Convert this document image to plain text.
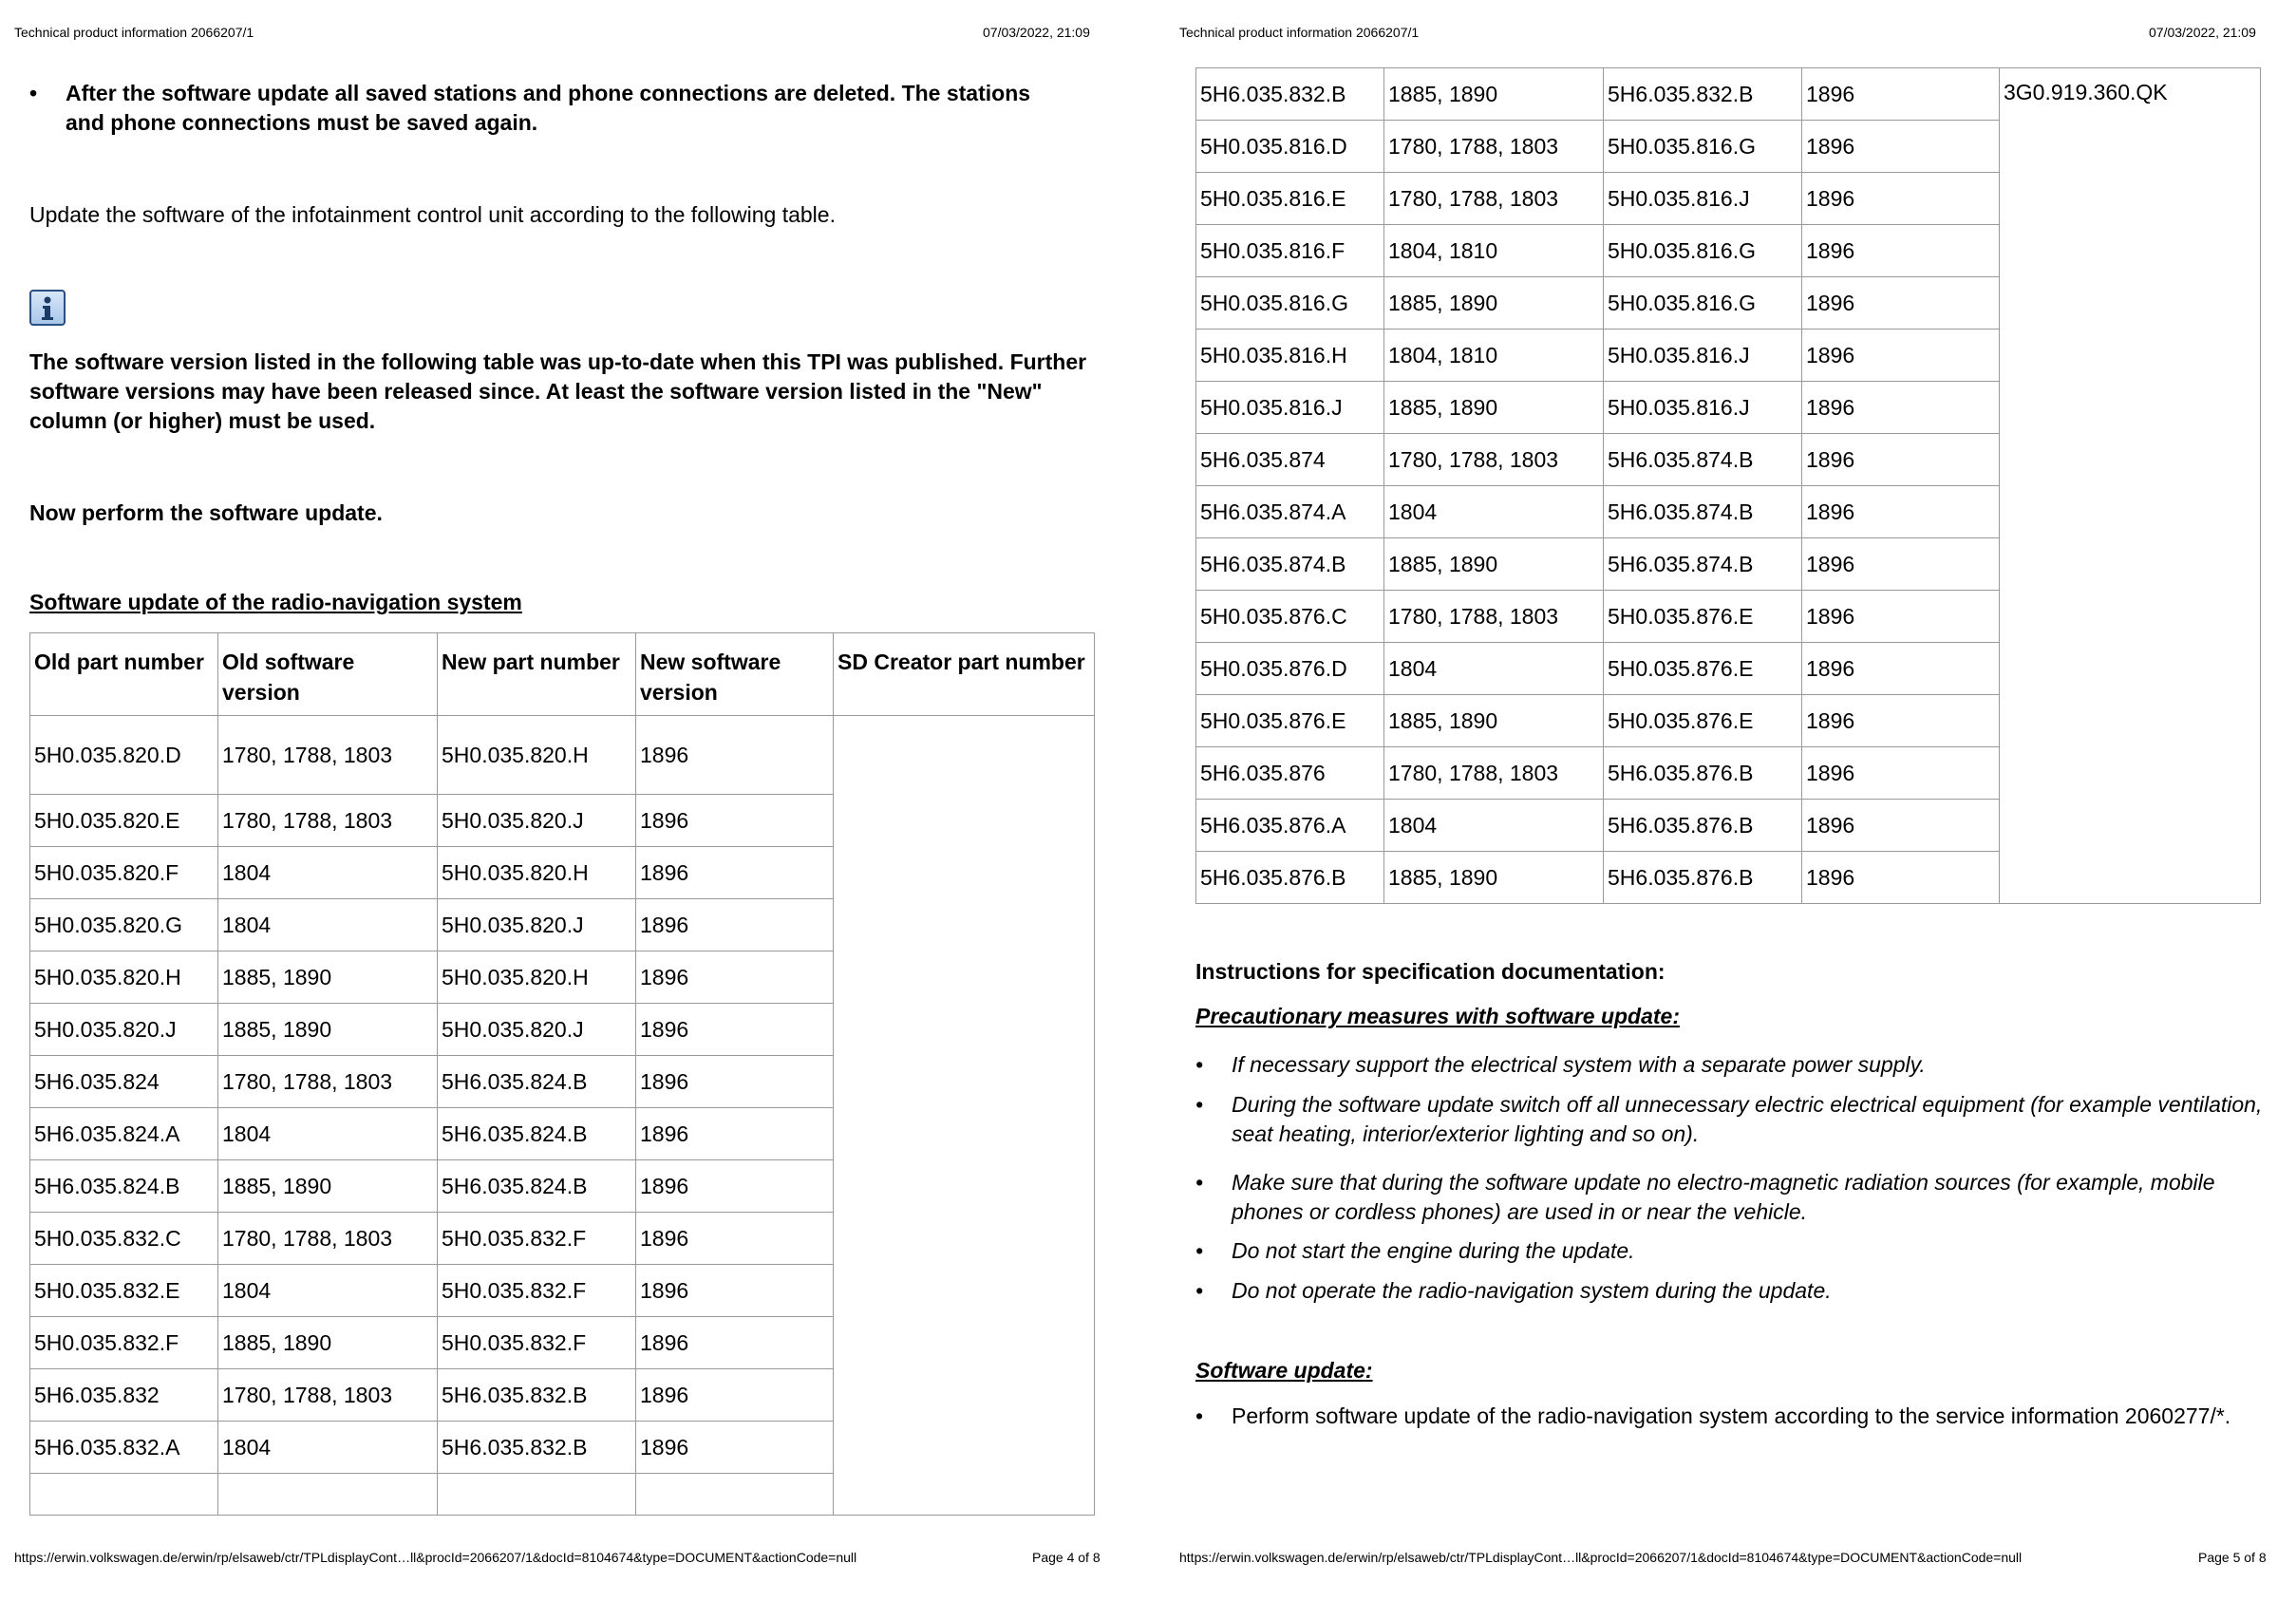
Technical product information 2066207/1	07/03/2022, 21:09
•	After the software update all saved stations and phone connections are deleted. The stations and phone connections must be saved again.
Update the software of the infotainment control unit according to the following table.
The software version listed in the following table was up-to-date when this TPI was published. Further software versions may have been released since. At least the software version listed in the "New" column (or higher) must be used.
Now perform the software update.
Software update of the radio-navigation system
Old part number	Old software version	New part number	New software version	SD Creator part number
5H0.035.820.D	1780, 1788, 1803	5H0.035.820.H	1896	
5H0.035.820.E	1780, 1788, 1803	5H0.035.820.J	1896	
5H0.035.820.F	1804	5H0.035.820.H	1896	
5H0.035.820.G	1804	5H0.035.820.J	1896	
5H0.035.820.H	1885, 1890	5H0.035.820.H	1896	
5H0.035.820.J	1885, 1890	5H0.035.820.J	1896	
5H6.035.824	1780, 1788, 1803	5H6.035.824.B	1896	
5H6.035.824.A	1804	5H6.035.824.B	1896	
5H6.035.824.B	1885, 1890	5H6.035.824.B	1896	
5H0.035.832.C	1780, 1788, 1803	5H0.035.832.F	1896	
5H0.035.832.E	1804	5H0.035.832.F	1896	
5H0.035.832.F	1885, 1890	5H0.035.832.F	1896	
5H6.035.832	1780, 1788, 1803	5H6.035.832.B	1896	
5H6.035.832.A	1804	5H6.035.832.B	1896	

https://erwin.volkswagen.de/erwin/rp/elsaweb/ctr/TPLdisplayCont…ll&procId=2066207/1&docId=8104674&type=DOCUMENT&actionCode=null	Page 4 of 8
Technical product information 2066207/1	07/03/2022, 21:09
5H6.035.832.B	1885, 1890	5H6.035.832.B	1896	3G0.919.360.QK
5H0.035.816.D	1780, 1788, 1803	5H0.035.816.G	1896	
5H0.035.816.E	1780, 1788, 1803	5H0.035.816.J	1896	
5H0.035.816.F	1804, 1810	5H0.035.816.G	1896	
5H0.035.816.G	1885, 1890	5H0.035.816.G	1896	
5H0.035.816.H	1804, 1810	5H0.035.816.J	1896	
5H0.035.816.J	1885, 1890	5H0.035.816.J	1896	
5H6.035.874	1780, 1788, 1803	5H6.035.874.B	1896	
5H6.035.874.A	1804	5H6.035.874.B	1896	
5H6.035.874.B	1885, 1890	5H6.035.874.B	1896	
5H0.035.876.C	1780, 1788, 1803	5H0.035.876.E	1896	
5H0.035.876.D	1804	5H0.035.876.E	1896	
5H0.035.876.E	1885, 1890	5H0.035.876.E	1896	
5H6.035.876	1780, 1788, 1803	5H6.035.876.B	1896	
5H6.035.876.A	1804	5H6.035.876.B	1896	
5H6.035.876.B	1885, 1890	5H6.035.876.B	1896	
Instructions for specification documentation:
Precautionary measures with software update:
•	If necessary support the electrical system with a separate power supply.
•	During the software update switch off all unnecessary electric electrical equipment (for example ventilation, seat heating, interior/exterior lighting and so on).
•	Make sure that during the software update no electro-magnetic radiation sources (for example, mobile phones or cordless phones) are used in or near the vehicle.
•	Do not start the engine during the update.
•	Do not operate the radio-navigation system during the update.
Software update:
•	Perform software update of the radio-navigation system according to the service information 2060277/*.
https://erwin.volkswagen.de/erwin/rp/elsaweb/ctr/TPLdisplayCont…ll&procId=2066207/1&docId=8104674&type=DOCUMENT&actionCode=null	Page 5 of 8
